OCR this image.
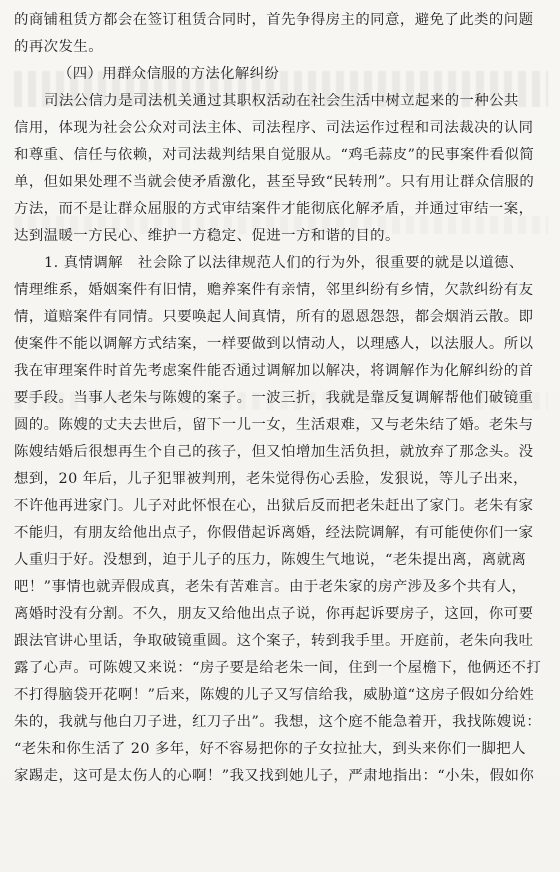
的商铺租赁方都会在签订租赁合同时，首先争得房主的同意，避免了此类的问题
的再次发生。
（四）用群众信服的方法化解纠纷
司法公信力是司法机关通过其职权活动在社会生活中树立起来的一种公共
信用，体现为社会公众对司法主体、司法程序、司法运作过程和司法裁决的认同
和尊重、信任与依赖，对司法裁判结果自觉服从。“鸡毛蒜皮”的民事案件看似简
单，但如果处理不当就会使矛盾激化，甚至导致“民转刑”。只有用让群众信服的
方法，而不是让群众屈服的方式审结案件才能彻底化解矛盾，并通过审结一案，
达到温暖一方民心、维护一方稳定、促进一方和谐的目的。
1. 真情调解　社会除了以法律规范人们的行为外，很重要的就是以道德、
情理维系，婚姻案件有旧情，赡养案件有亲情，邻里纠纷有乡情，欠款纠纷有友
情，道赔案件有同情。只要唤起人间真情，所有的恩恩怨怨，都会烟消云散。即
使案件不能以调解方式结案，一样要做到以情动人，以理感人，以法服人。所以
我在审理案件时首先考虑案件能否通过调解加以解决，将调解作为化解纠纷的首
要手段。当事人老朱与陈嫂的案子。一波三折，我就是靠反复调解帮他们破镜重
圆的。陈嫂的丈夫去世后，留下一儿一女，生活艰难，又与老朱结了婚。老朱与
陈嫂结婚后很想再生个自己的孩子，但又怕增加生活负担，就放弃了那念头。没
想到，20 年后，儿子犯罪被判刑，老朱觉得伤心丢脸，发狠说，等儿子出来，
不许他再进家门。儿子对此怀恨在心，出狱后反而把老朱赶出了家门。老朱有家
不能归，有朋友给他出点子，你假借起诉离婚，经法院调解，有可能使你们一家
人重归于好。没想到，迫于儿子的压力，陈嫂生气地说，“老朱提出离，离就离
吧！”事情也就弄假成真，老朱有苦难言。由于老朱家的房产涉及多个共有人，
离婚时没有分割。不久，朋友又给他出点子说，你再起诉要房子，这回，你可要
跟法官讲心里话，争取破镜重圆。这个案子，转到我手里。开庭前，老朱向我吐
露了心声。可陈嫂又来说：“房子要是给老朱一间，住到一个屋檐下，他俩还不打
不打得脑袋开花啊！”后来，陈嫂的儿子又写信给我，威胁道“这房子假如分给姓
朱的，我就与他白刀子进，红刀子出”。我想，这个庭不能急着开，我找陈嫂说：
“老朱和你生活了 20 多年，好不容易把你的子女拉扯大，到头来你们一脚把人
家踢走，这可是太伤人的心啊！”我又找到她儿子，严肃地指出：“小朱，假如你
